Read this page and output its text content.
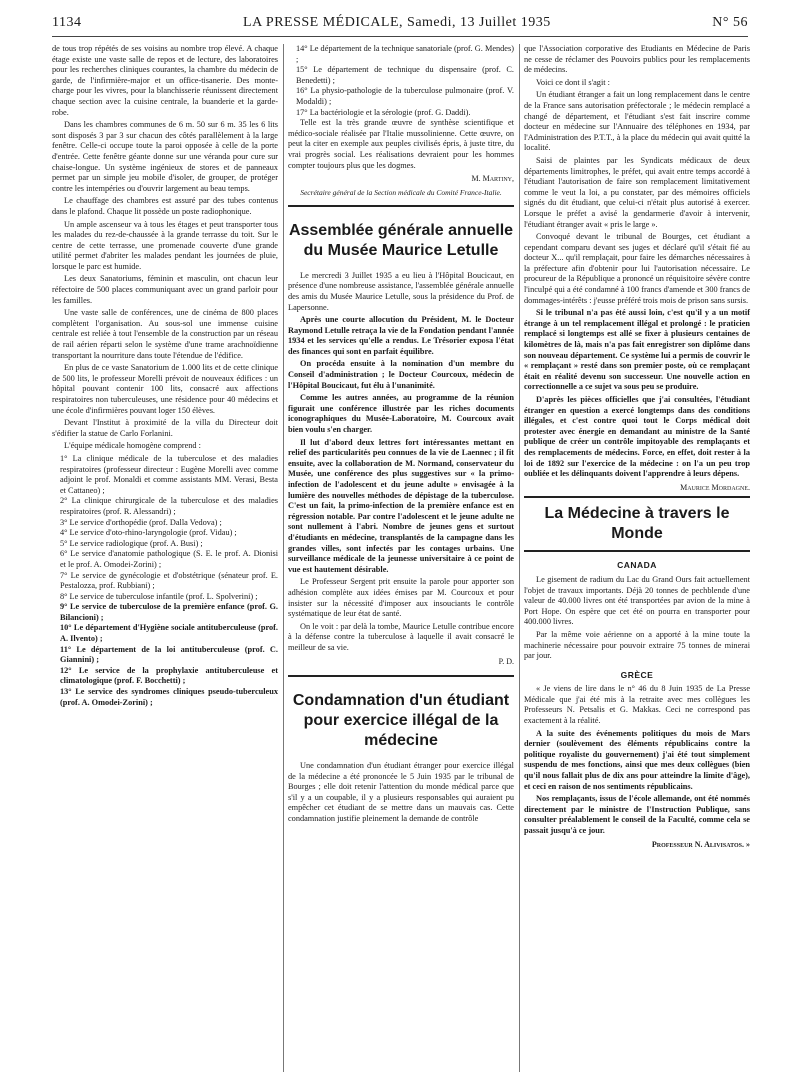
1134	LA PRESSE MÉDICALE, Samedi, 13 Juillet 1935	N° 56

de tous trop répétés de ses voisins au nombre trop élevé. A chaque étage existe une vaste salle de repos et de lecture, des laboratoires pour les recherches cliniques courantes, la chambre du médecin de garde, de l'infirmière-major et un office-tisanerie. Des monte-charge pour les vivres, pour la blanchisserie réunissent directement chaque section avec la cuisine centrale, la buanderie et la garde-robe.

Dans les chambres communes de 6 m. 50 sur 6 m. 35 les 6 lits sont disposés 3 par 3 sur chacun des côtés parallèlement à la large fenêtre. Celle-ci occupe toute la paroi opposée à celle de la porte d'entrée. Cette fenêtre géante donne sur une véranda pour cure sur chaise-longue. Un système ingénieux de stores et de panneaux permet par un simple jeu mobile d'isoler, de grouper, de protéger contre les intempéries ou d'ouvrir largement au beau temps.

Le chauffage des chambres est assuré par des tubes contenus dans le plafond. Chaque lit possède un poste radiophonique.

Un ample ascenseur va à tous les étages et peut transporter tous les malades du rez-de-chaussée à la grande terrasse du toit. Sur le centre de cette terrasse, une promenade couverte d'une grande utilité permet d'abriter les malades pendant les journées de pluie, lorsque le parc est humide.

Les deux Sanatoriums, féminin et masculin, ont chacun leur réfectoire de 500 places communiquant avec un grand parloir pour les familles.

Une vaste salle de conférences, une de cinéma de 800 places complètent l'organisation. Au sous-sol une immense cuisine centrale est reliée à tout l'ensemble de la construction par un réseau de rail aérien réparti selon le système d'une trame arachnoïdienne transportant la nourriture dans toute l'étendue de l'édifice.

En plus de ce vaste Sanatorium de 1.000 lits et de cette clinique de 500 lits, le professeur Morelli prévoit de nouveaux édifices : un hôpital pouvant contenir 100 lits, consacré aux affections respiratoires non tuberculeuses, une résidence pour 40 médecins et une école d'infirmières pouvant loger 150 élèves.

Devant l'Institut à proximité de la villa du Directeur doit s'édifier la statue de Carlo Forlanini.

L'équipe médicale homogène comprend :

1° La clinique médicale de la tuberculose et des maladies respiratoires (professeur directeur : Eugène Morelli avec comme adjoint le prof. Monaldi et comme assistants MM. Verasi, Besta et Cattaneo) ;

2° La clinique chirurgicale de la tuberculose et des maladies respiratoires (prof. R. Alessandri) ;

3° Le service d'orthopédie (prof. Dalla Vedova) ;

4° Le service d'oto-rhino-laryngologie (prof. Vidau) ;

5° Le service radiologique (prof. A. Busi) ;

6° Le service d'anatomie pathologique (S. E. le prof. A. Dionisi et le prof. A. Omodei-Zorini) ;

7° Le service de gynécologie et d'obstétrique (sénateur prof. E. Pestalozza, prof. Rubbiani) ;

8° Le service de tuberculose infantile (prof. L. Spolverini) ;

9° Le service de tuberculose de la première enfance (prof. G. Bilancioni) ;

10° Le département d'Hygiène sociale antituberculeuse (prof. A. Ilvento) ;

11° Le département de la loi antituberculeuse (prof. C. Giannini) ;

12° Le service de la prophylaxie antituberculeuse et climatologique (prof. F. Bocchetti) ;

13° Le service des syndromes cliniques pseudo-tuberculeux (prof. A. Omodei-Zorini) ;

14° Le département de la technique sanatoriale (prof. G. Mendes) ;

15° Le département de technique du dispensaire (prof. C. Benedetti) ;

16° La physio-pathologie de la tuberculose pulmonaire (prof. V. Modaldi) ;

17° La bactériologie et la sérologie (prof. G. Daddi).

Telle est la très grande œuvre de synthèse scientifique et médico-sociale réalisée par l'Italie mussolinienne. Cette œuvre, on peut la citer en exemple aux peuples civilisés épris, à juste titre, du vrai progrès social. Les réalisations devraient pour les hommes compter toujours plus que les dogmes.

M. Martiny,
Secrétaire général de la Section médicale du Comité France-Italie.
Assemblée générale annuelle du Musée Maurice Letulle

Le mercredi 3 Juillet 1935 a eu lieu à l'Hôpital Boucicaut, en présence d'une nombreuse assistance, l'assemblée générale annuelle des amis du Musée Maurice Letulle, sous la présidence du Prof. de Lapersonne.

Après une courte allocution du Président, M. le Docteur Raymond Letulle retraça la vie de la Fondation pendant l'année 1934 et les services qu'elle a rendus. Le Trésorier exposa l'état des finances qui sont en parfait équilibre.

On procéda ensuite à la nomination d'un membre du Conseil d'administration ; le Docteur Courcoux, médecin de l'Hôpital Boucicaut, fut élu à l'unanimité.

Comme les autres années, au programme de la réunion figurait une conférence illustrée par les riches documents iconographiques du Musée-Laboratoire, M. Courcoux avait bien voulu s'en charger.

Il lut d'abord deux lettres fort intéressantes mettant en relief des particularités peu connues de la vie de Laennec ; il fit ensuite, avec la collaboration de M. Normand, conservateur du Musée, une conférence des plus suggestives sur « la primo-infection de l'adolescent et du jeune adulte » envisagée à la lumière des nouvelles méthodes de dépistage de la tuberculose. C'est un fait, la primo-infection de la première enfance est en régression notable. Par contre l'adolescent et le jeune adulte ne sont nullement à l'abri. Nombre de jeunes gens et surtout d'étudiants en médecine, transplantés de la campagne dans les grandes villes, sont infectés par les contages urbains. Une surveillance médicale de la jeunesse universitaire à ce point de vue est hautement désirable.

Le Professeur Sergent prit ensuite la parole pour apporter son adhésion complète aux idées émises par M. Courcoux et pour insister sur la nécessité d'imposer aux insouciants le contrôle systématique de leur état de santé.

On le voit : par delà la tombe, Maurice Letulle contribue encore à la défense contre la tuberculose à laquelle il avait consacré le meilleur de sa vie.

P. D.
Condamnation d'un étudiant pour exercice illégal de la médecine

Une condamnation d'un étudiant étranger pour exercice illégal de la médecine a été prononcée le 5 Juin 1935 par le tribunal de Bourges ; elle doit retenir l'attention du monde médical parce que s'il y a un coupable, il y a plusieurs responsables qui auraient pu empêcher cet étudiant de se mettre dans un mauvais cas. Cette condamnation justifie pleinement la demande de contrôle

que l'Association corporative des Etudiants en Médecine de Paris ne cesse de réclamer des Pouvoirs publics pour les remplacements de médecins.

Voici ce dont il s'agit :

Un étudiant étranger a fait un long remplacement dans le centre de la France sans autorisation préfectorale ; le médecin remplacé a changé de département, et l'étudiant s'est fait inscrire comme docteur en médecine sur l'Annuaire des téléphones en 1934, par l'Administration des P.T.T., à la place du médecin qui avait quitté la localité.

Saisi de plaintes par les Syndicats médicaux de deux départements limitrophes, le préfet, qui avait entre temps accordé à l'étudiant l'autorisation de faire son remplacement limitativement comme le veut la loi, a pu constater, par des mémoires officiels signés du dit étudiant, que celui-ci n'était plus autorisé à exercer. Lorsque le préfet a avisé la gendarmerie d'avoir à intervenir, l'étudiant étranger avait « pris le large ».

Convoqué devant le tribunal de Bourges, cet étudiant a cependant comparu devant ses juges et déclaré qu'il s'était fié au docteur X... qu'il remplaçait, pour faire les démarches nécessaires à la préfecture afin d'obtenir pour lui l'autorisation nécessaire. Le procureur de la République a prononcé un réquisitoire sévère contre l'inculpé qui a été condamné à 100 francs d'amende et 300 francs de dommages-intérêts : j'eusse préféré trois mois de prison sans sursis.

Si le tribunal n'a pas été aussi loin, c'est qu'il y a un motif étrange à un tel remplacement illégal et prolongé : le praticien remplacé si longtemps est allé se fixer à plusieurs centaines de kilomètres de là, mais n'a pas fait enregistrer son diplôme dans son nouveau département. Ce système lui a permis de couvrir le « remplaçant » resté dans son premier poste, où ce remplaçant était en réalité devenu son successeur. Une nouvelle action en correctionnelle a ce sujet va sous peu se produire.

D'après les pièces officielles que j'ai consultées, l'étudiant étranger en question a exercé longtemps dans des conditions illégales, et c'est contre quoi tout le Corps médical doit protester avec énergie en demandant au ministre de la Santé publique de créer un contrôle impitoyable des remplaçants et des remplacements de médecins. Force, en effet, doit rester à la loi de 1892 sur l'exercice de la médecine : on l'a un peu trop oubliée et les délinquants doivent l'apprendre à leurs dépens.

Maurice Mordagne.
La Médecine à travers le Monde
CANADA

Le gisement de radium du Lac du Grand Ours fait actuellement l'objet de travaux importants. Déjà 20 tonnes de pechblende d'une valeur de 40.000 livres ont été transportées par avion de la mine à Port Hope. On espère que cet été on pourra en transporter pour 400.000 livres.

Par la même voie aérienne on a apporté à la mine toute la machinerie nécessaire pour pouvoir extraire 75 tonnes de minerai par jour.

GRÈCE

« Je viens de lire dans le n° 46 du 8 Juin 1935 de La Presse Médicale que j'ai été mis à la retraite avec mes collègues les Professeurs N. Petsalis et G. Makkas. Ceci ne correspond pas exactement à la réalité.

A la suite des événements politiques du mois de Mars dernier (soulèvement des éléments républicains contre la politique royaliste du gouvernement) j'ai été tout simplement suspendu de mes fonctions, ainsi que mes deux collègues (bien qu'il nous fallait plus de dix ans pour atteindre la limite d'âge), et ceci en raison de nos sentiments républicains.

Nos remplaçants, issus de l'école allemande, ont été nommés directement par le ministre de l'Instruction Publique, sans consulter préalablement le conseil de la Faculté, comme cela se passait jusqu'à ce jour.

Professeur N. Alivisatos. »
